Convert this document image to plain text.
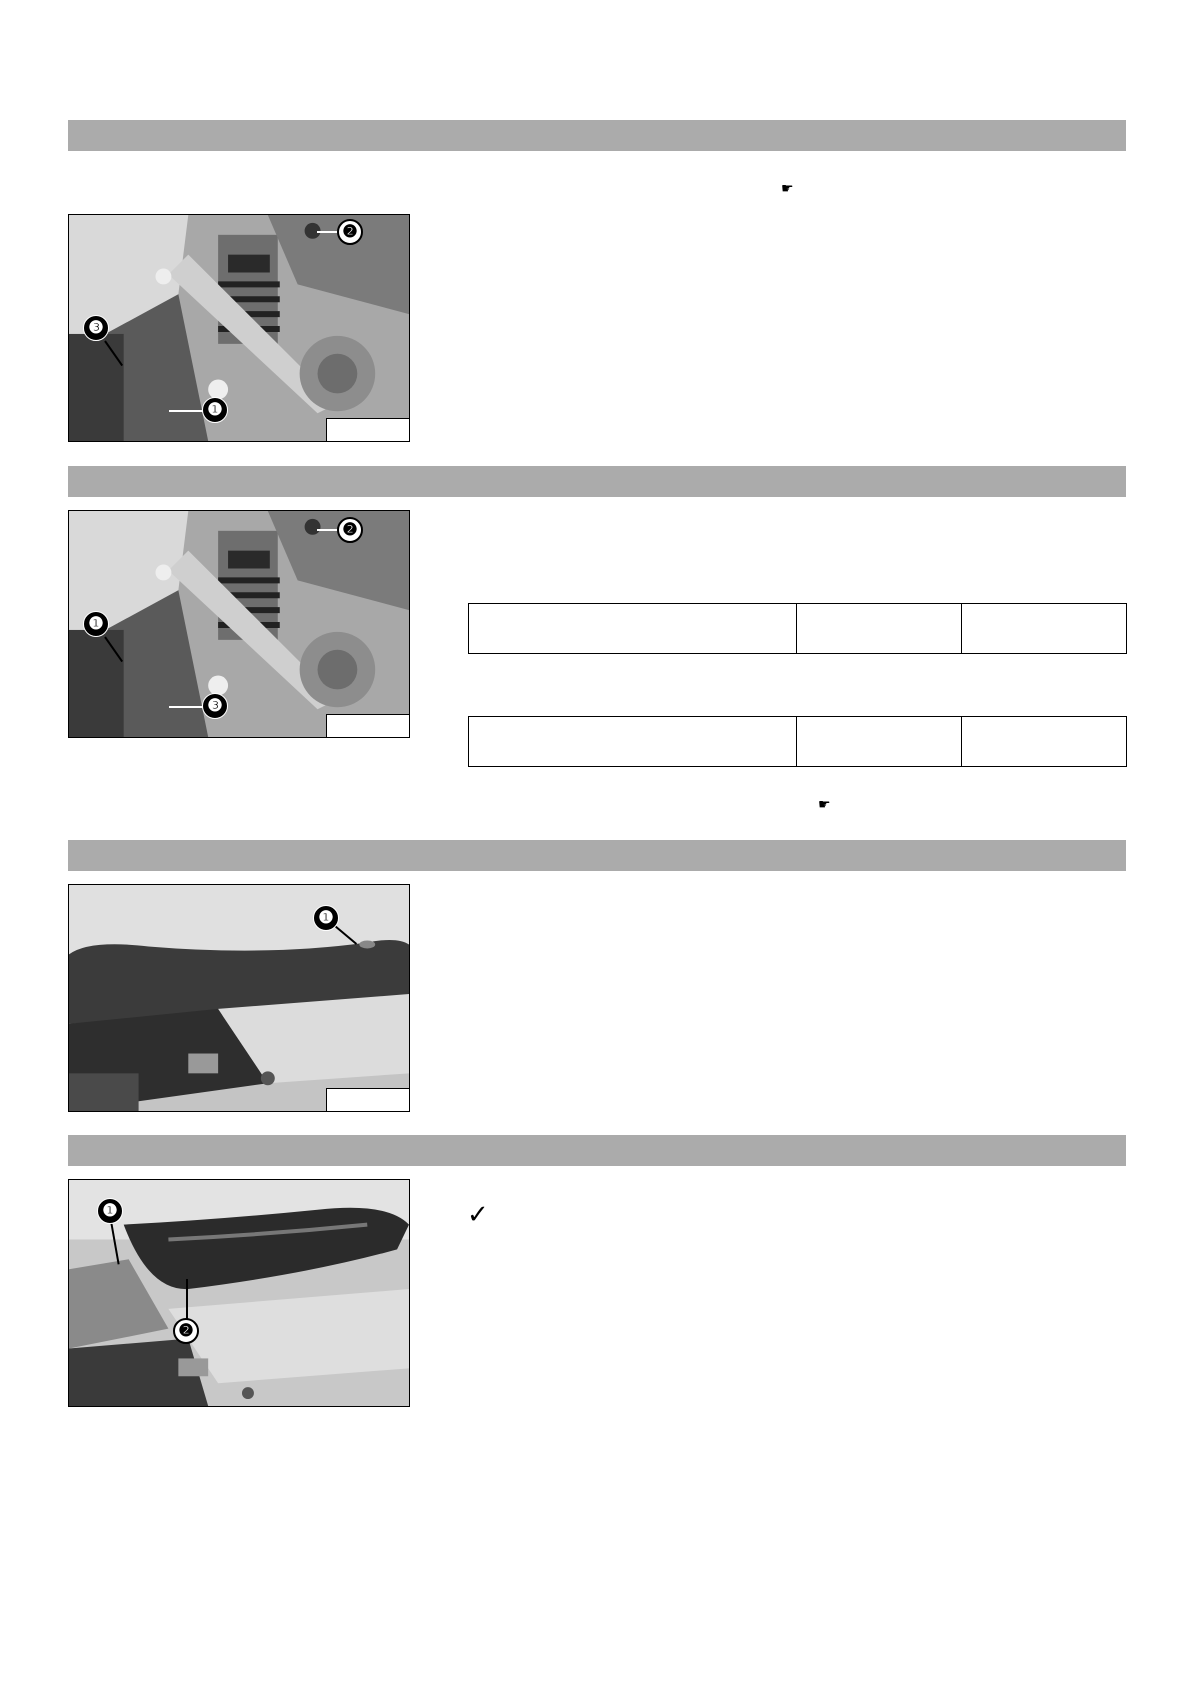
☛
❷
❸
❶
❷
❶
❸

☛
❶
❶
❷
✓
